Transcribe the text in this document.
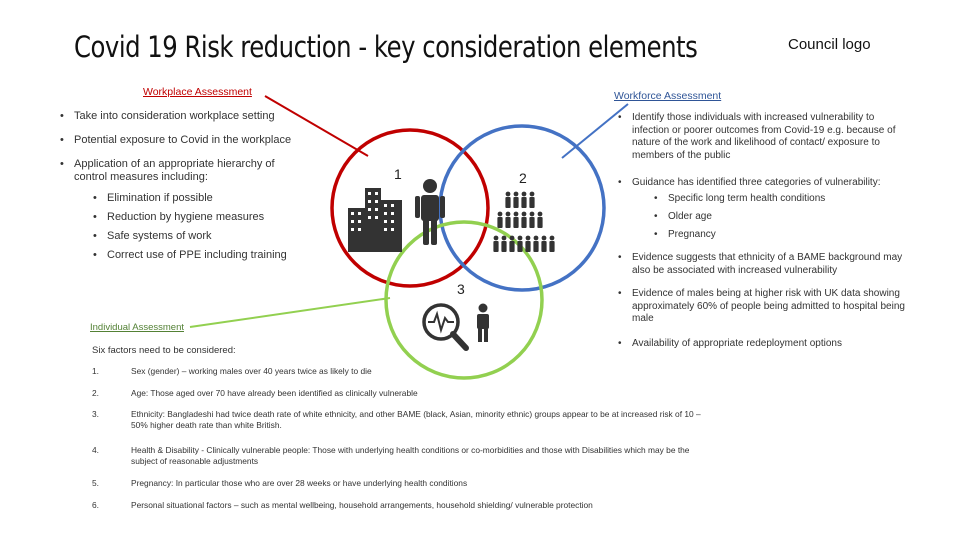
Covid 19 Risk reduction - key consideration elements	Council logo
1	2
3
Workplace Assessment
• Take into consideration workplace setting
• Potential exposure to Covid in the workplace
• Application of an appropriate hierarchy of control measures including:
• Elimination if possible
• Reduction by hygiene measures
• Safe systems of work
• Correct use of PPE including training
Workforce Assessment
• Identify those individuals with increased vulnerability to infection or poorer outcomes from Covid-19 e.g. because of nature of the work and likelihood of contact/ exposure to members of the public
• Guidance has identified three categories of vulnerability:
• Specific long term health conditions
• Older age
• Pregnancy
• Evidence suggests that ethnicity of a BAME background may also be associated with increased vulnerability
• Evidence of males being at higher risk with UK data showing approximately 60% of people being admitted to hospital being male
• Availability of appropriate redeployment options
Individual Assessment
Six factors need to be considered:
1.	Sex (gender) – working males over 40 years twice as likely to die
2.	Age: Those aged over 70 have already been identified as clinically vulnerable
3.	Ethnicity: Bangladeshi had twice death rate of white ethnicity, and other BAME (black, Asian, minority ethnic) groups appear to be at increased risk of 10 – 50% higher death rate than white British.
4.	Health & Disability - Clinically vulnerable people: Those with underlying health conditions or co-morbidities and those with Disabilities which may be the subject of reasonable adjustments
5.	Pregnancy: In particular those who are over 28 weeks or have underlying health conditions
6.	Personal situational factors – such as mental wellbeing, household arrangements, household shielding/ vulnerable protection
